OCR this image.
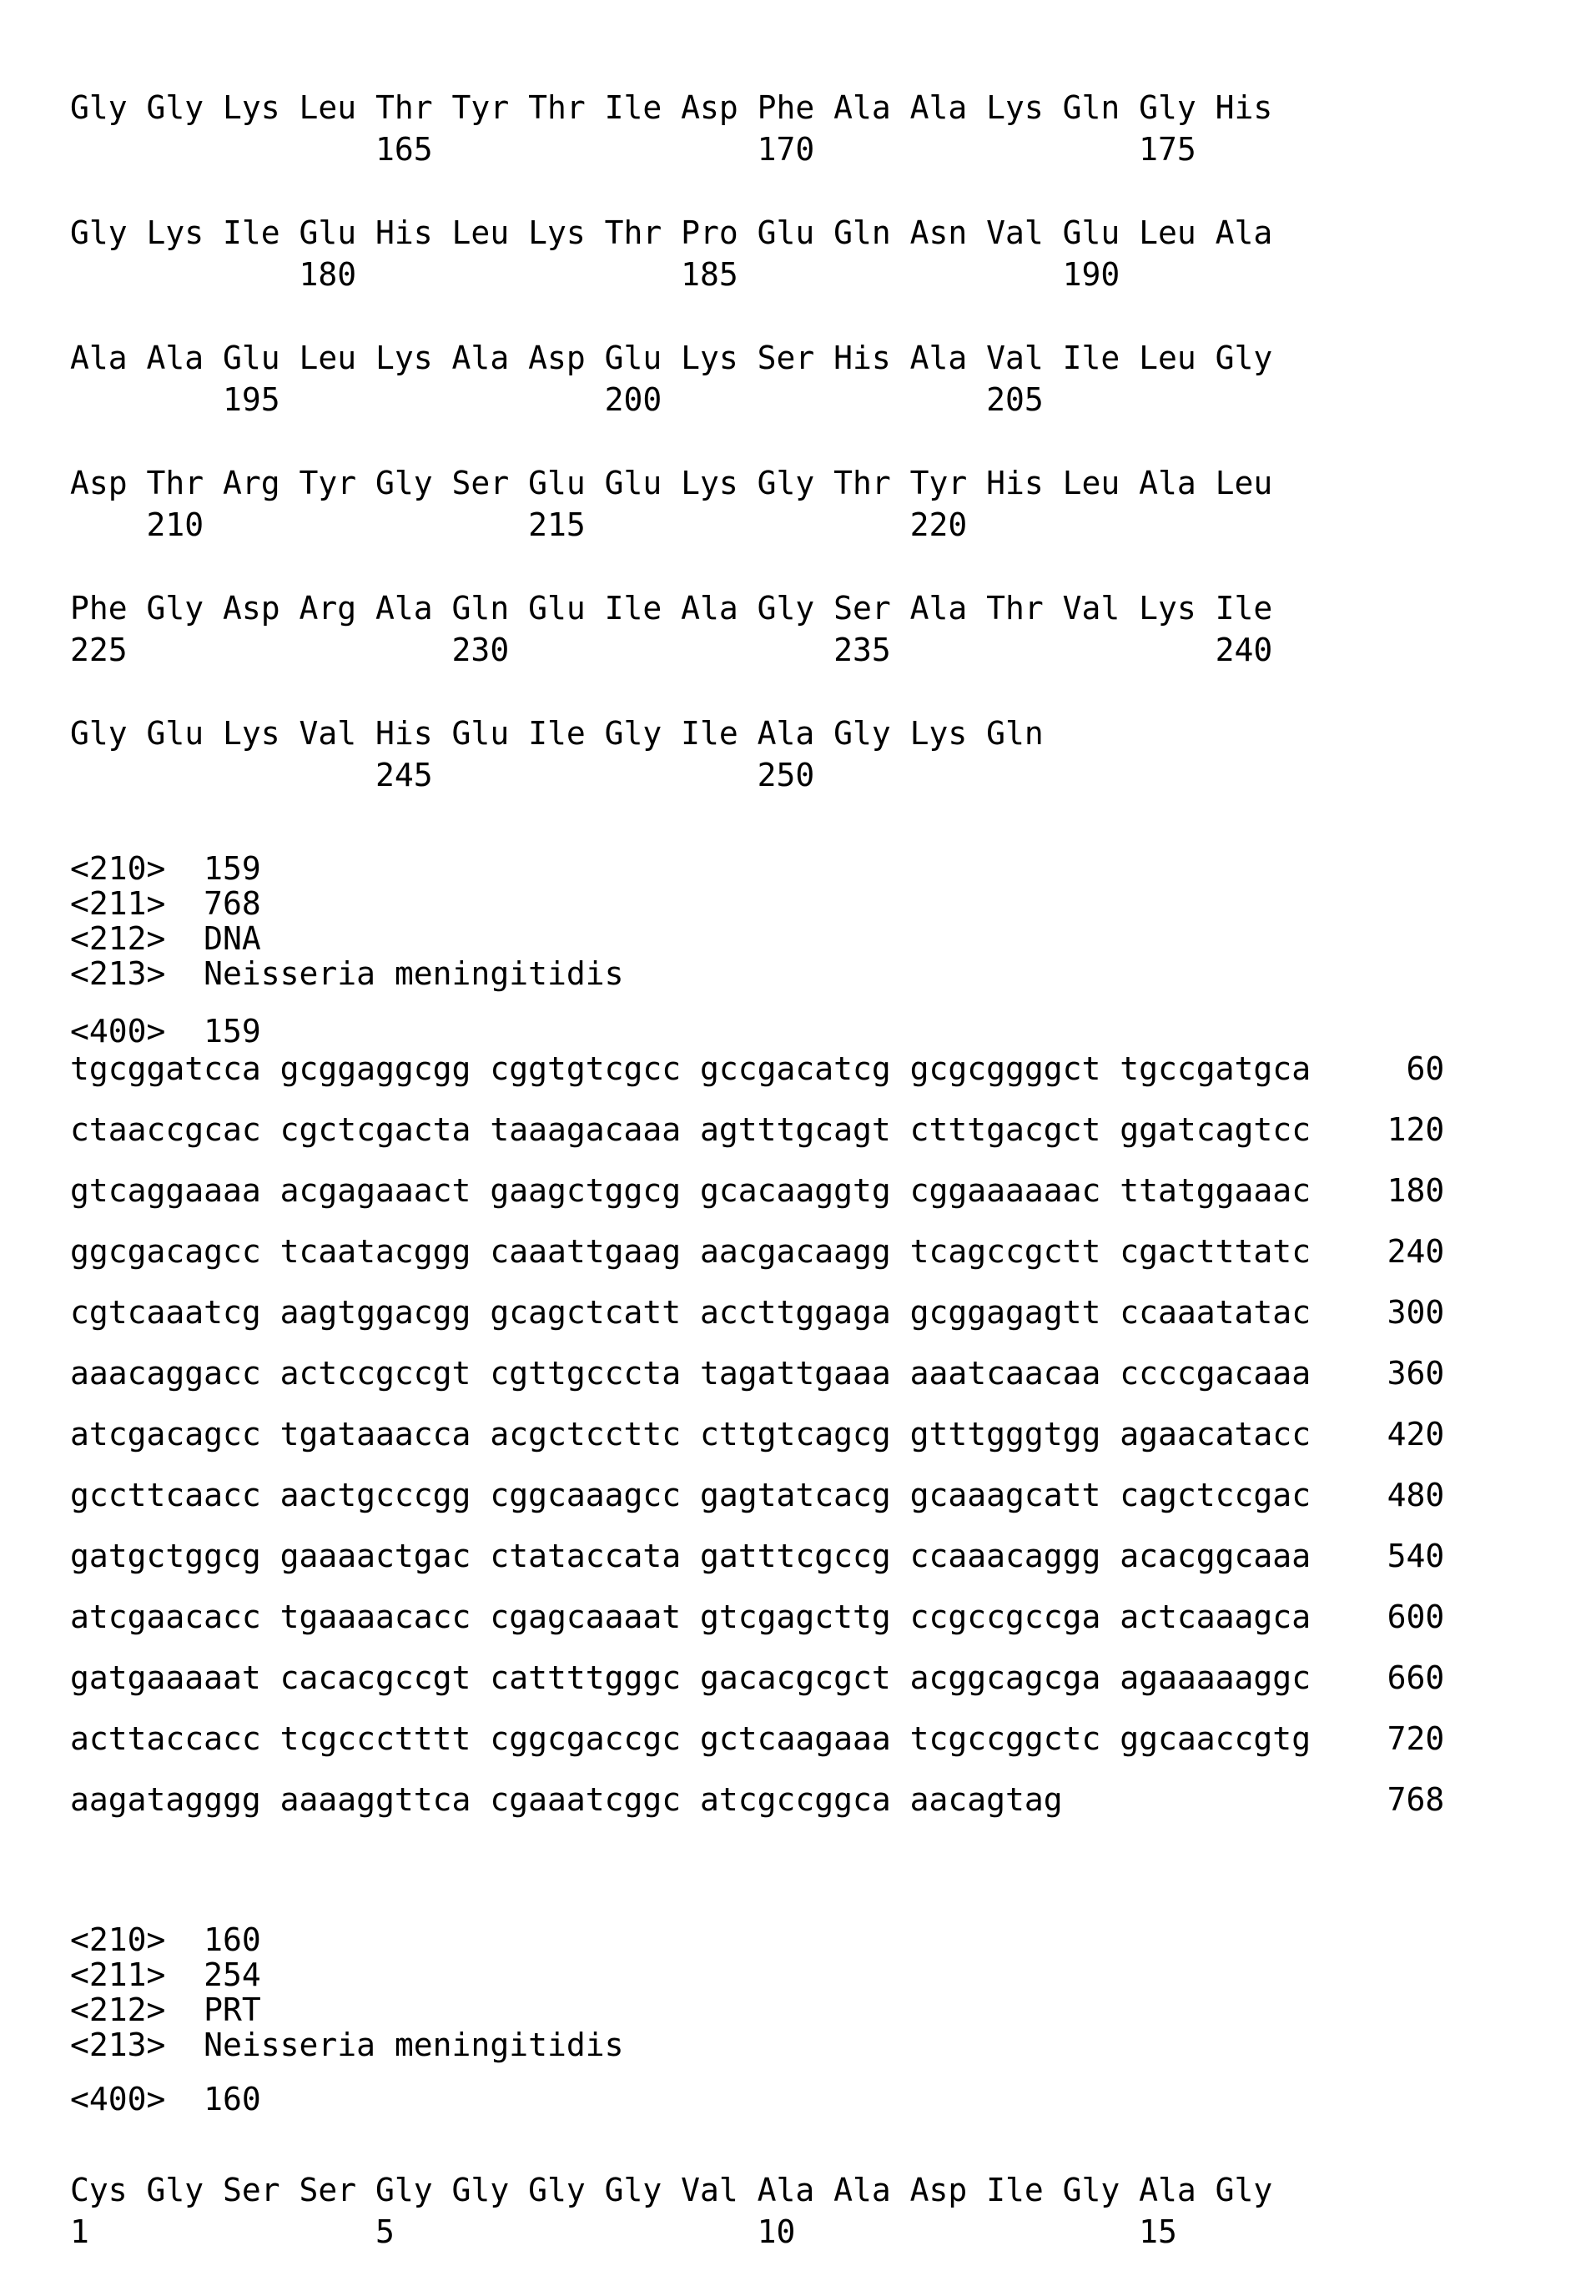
Gly Gly Lys Leu Thr Tyr Thr Ile Asp Phe Ala Ala Lys Gln Gly His
165                 170                 175
Gly Lys Ile Glu His Leu Lys Thr Pro Glu Gln Asn Val Glu Leu Ala
180                 185                 190
Ala Ala Glu Leu Lys Ala Asp Glu Lys Ser His Ala Val Ile Leu Gly
195                 200                 205
Asp Thr Arg Tyr Gly Ser Glu Glu Lys Gly Thr Tyr His Leu Ala Leu
210                 215                 220
Phe Gly Asp Arg Ala Gln Glu Ile Ala Gly Ser Ala Thr Val Lys Ile
225                 230                 235                 240
Gly Glu Lys Val His Glu Ile Gly Ile Ala Gly Lys Gln
245                 250
<210>  159
<211>  768
<212>  DNA
<213>  Neisseria meningitidis
<400>  159
tgcggatcca gcggaggcgg cggtgtcgcc gccgacatcg gcgcggggct tgccgatgca	60
ctaaccgcac cgctcgacta taaagacaaa agtttgcagt ctttgacgct ggatcagtcc 120
gtcaggaaaa acgagaaact gaagctggcg gcacaaggtg cggaaaaaac ttatggaaac 180
ggcgacagcc tcaatacggg caaattgaag aacgacaagg tcagccgctt cgactttatc 240
cgtcaaatcg aagtggacgg gcagctcatt accttggaga gcggagagtt ccaaatatac 300
aaacaggacc actccgccgt cgttgcccta tagattgaaa aaatcaacaa ccccgacaaa 360
atcgacagcc tgataaacca acgctccttc cttgtcagcg gtttgggtgg agaacatacc 420
gccttcaacc aactgcccgg cggcaaagcc gagtatcacg gcaaagcatt cagctccgac 480
gatgctggcg gaaaactgac ctataccata gatttcgccg ccaaacaggg acacggcaaa 540
atcgaacacc tgaaaacacc cgagcaaaat gtcgagcttg ccgccgccga actcaaagca 600
gatgaaaaat cacacgccgt cattttgggc gacacgcgct acggcagcga agaaaaaggc 660
acttaccacc tcgccctttt cggcgaccgc gctcaagaaa tcgccggctc ggcaaccgtg 720
aagatagggg aaaaggttca cgaaatcggc atcgccggca aacagtag	768
<210>  160
<211>  254
<212>  PRT
<213>  Neisseria meningitidis
<400>  160
Cys Gly Ser Ser Gly Gly Gly Gly Val Ala Ala Asp Ile Gly Ala Gly
1               5                   10                  15
